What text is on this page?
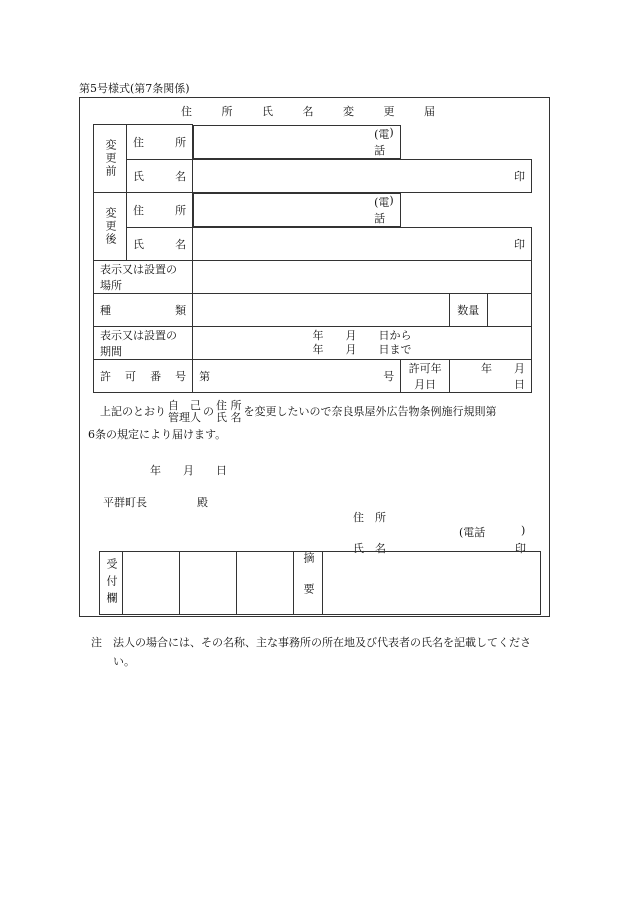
第5号様式(第7条関係)
住 所 氏 名 変 更 届
変更前	住 所

(電話
)

	氏 名	印			
変更後	住 所

(電話
)

	氏 名	印			
表示又は設置の場所					

種 類				数量	
表示又は設置の期間		年　　月　　日から
年　　月　　日まで			

許 可 番 号		第 号	許可年月日	年　　月　　日	
上記のとおり 自　己
管理人 の 住 所
氏 名 を変更したいので奈良県屋外広告物条例施行規則第
6条の規定により届けます。
年　　月　　日
平群町長	殿
住　所
(電話	)
氏　名	印
受付欄				摘要	
注	法人の場合には、その名称、主な事務所の所在地及び代表者の氏名を記載してください。
